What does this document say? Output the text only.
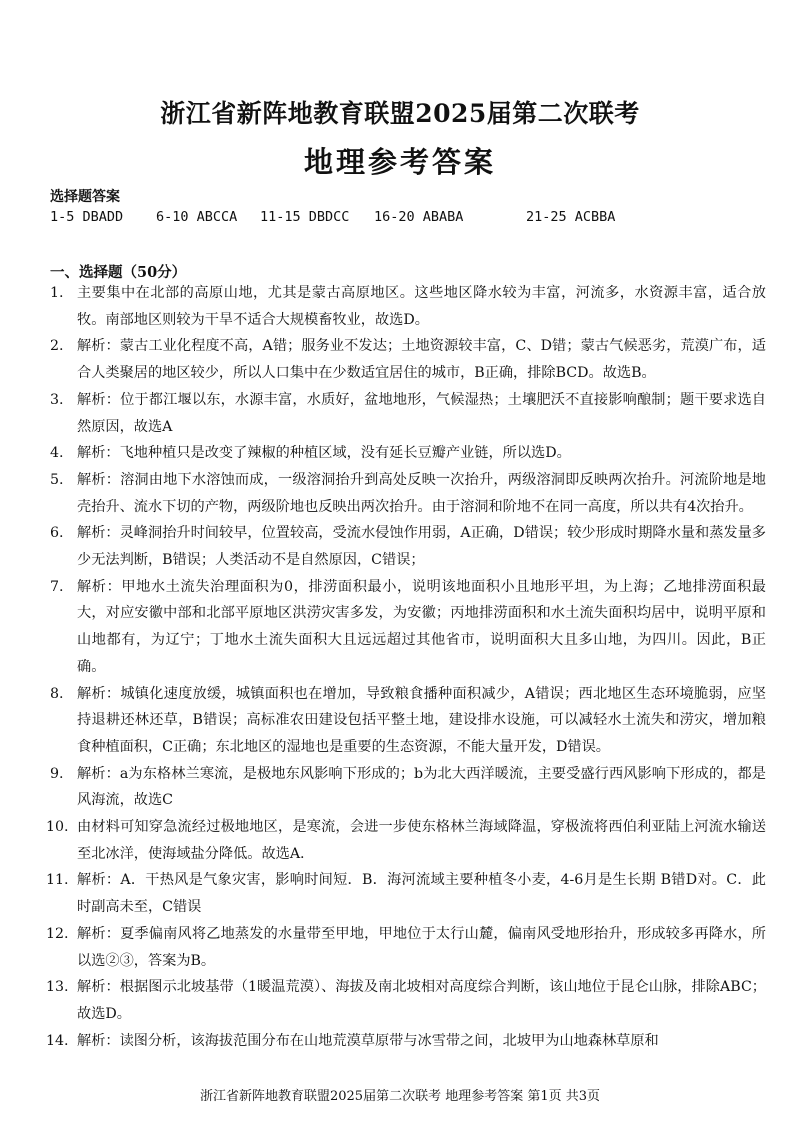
浙江省新阵地教育联盟2025届第二次联考
地理参考答案
选择题答案
1-5 DBADD 6-10 ABCCA 11-15 DBDCC 16-20 ABABA	21-25 ACBBA
一、选择题（50分）
1. 主要集中在北部的高原山地，尤其是蒙古高原地区。这些地区降水较为丰富，河流多，水资源丰富，适合放牧。南部地区则较为干旱不适合大规模畜牧业，故选D。
2. 解析：蒙古工业化程度不高，A错；服务业不发达；土地资源较丰富，C、D错；蒙古气候恶劣，荒漠广布，适合人类聚居的地区较少，所以人口集中在少数适宜居住的城市，B正确，排除BCD。故选B。
3. 解析：位于都江堰以东，水源丰富，水质好，盆地地形，气候湿热；土壤肥沃不直接影响酿制；题干要求选自然原因，故选A
4. 解析：飞地种植只是改变了辣椒的种植区域，没有延长豆瓣产业链，所以选D。
5. 解析：溶洞由地下水溶蚀而成，一级溶洞抬升到高处反映一次抬升，两级溶洞即反映两次抬升。河流阶地是地壳抬升、流水下切的产物，两级阶地也反映出两次抬升。由于溶洞和阶地不在同一高度，所以共有4次抬升。
6. 解析：灵峰洞抬升时间较早，位置较高，受流水侵蚀作用弱，A正确，D错误；较少形成时期降水量和蒸发量多少无法判断，B错误；人类活动不是自然原因，C错误；
7. 解析：甲地水土流失治理面积为0，排涝面积最小，说明该地面积小且地形平坦，为上海；乙地排涝面积最大，对应安徽中部和北部平原地区洪涝灾害多发，为安徽；丙地排涝面积和水土流失面积均居中，说明平原和山地都有，为辽宁；丁地水土流失面积大且远远超过其他省市，说明面积大且多山地，为四川。因此，B正确。
8. 解析：城镇化速度放缓，城镇面积也在增加，导致粮食播种面积减少，A错误；西北地区生态环境脆弱，应坚持退耕还林还草，B错误；高标准农田建设包括平整土地，建设排水设施，可以减轻水土流失和涝灾，增加粮食种植面积，C正确；东北地区的湿地也是重要的生态资源，不能大量开发，D错误。
9. 解析：a为东格林兰寒流，是极地东风影响下形成的；b为北大西洋暖流，主要受盛行西风影响下形成的，都是风海流，故选C
10. 由材料可知穿急流经过极地地区，是寒流，会进一步使东格林兰海域降温，穿极流将西伯利亚陆上河流水输送至北冰洋，使海域盐分降低。故选A.
11. 解析：A．干热风是气象灾害，影响时间短．B．海河流域主要种植冬小麦，4-6月是生长期 B错D对。C．此时副高未至，C错误
12. 解析：夏季偏南风将乙地蒸发的水量带至甲地，甲地位于太行山麓，偏南风受地形抬升，形成较多再降水，所以选②③，答案为B。
13. 解析：根据图示北坡基带（1暖温荒漠）、海拔及南北坡相对高度综合判断，该山地位于昆仑山脉，排除ABC；故选D。
14. 解析：读图分析，该海拔范围分布在山地荒漠草原带与冰雪带之间，北坡甲为山地森林草原和
浙江省新阵地教育联盟2025届第二次联考 地理参考答案 第1页 共3页
